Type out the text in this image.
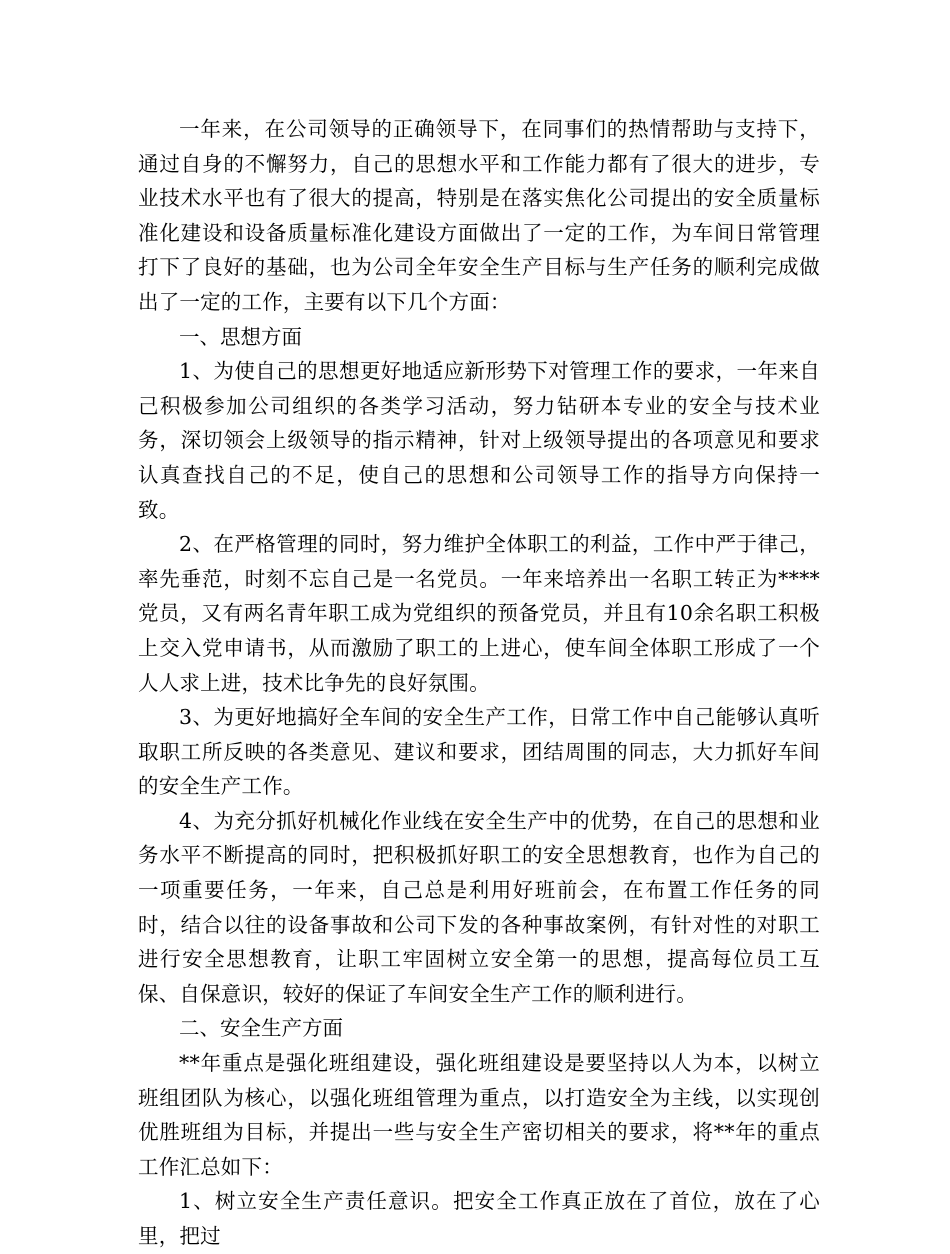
一年来，在公司领导的正确领导下，在同事们的热情帮助与支持下，通过自身的不懈努力，自己的思想水平和工作能力都有了很大的进步，专业技术水平也有了很大的提高，特别是在落实焦化公司提出的安全质量标准化建设和设备质量标准化建设方面做出了一定的工作，为车间日常管理打下了良好的基础，也为公司全年安全生产目标与生产任务的顺利完成做出了一定的工作，主要有以下几个方面：

一、思想方面

1、为使自己的思想更好地适应新形势下对管理工作的要求，一年来自己积极参加公司组织的各类学习活动，努力钻研本专业的安全与技术业务，深切领会上级领导的指示精神，针对上级领导提出的各项意见和要求认真查找自己的不足，使自己的思想和公司领导工作的指导方向保持一致。

2、在严格管理的同时，努力维护全体职工的利益，工作中严于律己，率先垂范，时刻不忘自己是一名党员。一年来培养出一名职工转正为****党员，又有两名青年职工成为党组织的预备党员，并且有10余名职工积极上交入党申请书，从而激励了职工的上进心，使车间全体职工形成了一个人人求上进，技术比争先的良好氛围。

3、为更好地搞好全车间的安全生产工作，日常工作中自己能够认真听取职工所反映的各类意见、建议和要求，团结周围的同志，大力抓好车间的安全生产工作。

4、为充分抓好机械化作业线在安全生产中的优势，在自己的思想和业务水平不断提高的同时，把积极抓好职工的安全思想教育，也作为自己的一项重要任务，一年来，自己总是利用好班前会，在布置工作任务的同时，结合以往的设备事故和公司下发的各种事故案例，有针对性的对职工进行安全思想教育，让职工牢固树立安全第一的思想，提高每位员工互保、自保意识，较好的保证了车间安全生产工作的顺利进行。

二、安全生产方面

**年重点是强化班组建设，强化班组建设是要坚持以人为本，以树立班组团队为核心，以强化班组管理为重点，以打造安全为主线，以实现创优胜班组为目标，并提出一些与安全生产密切相关的要求，将**年的重点工作汇总如下：

1、树立安全生产责任意识。把安全工作真正放在了首位，放在了心里，把过
